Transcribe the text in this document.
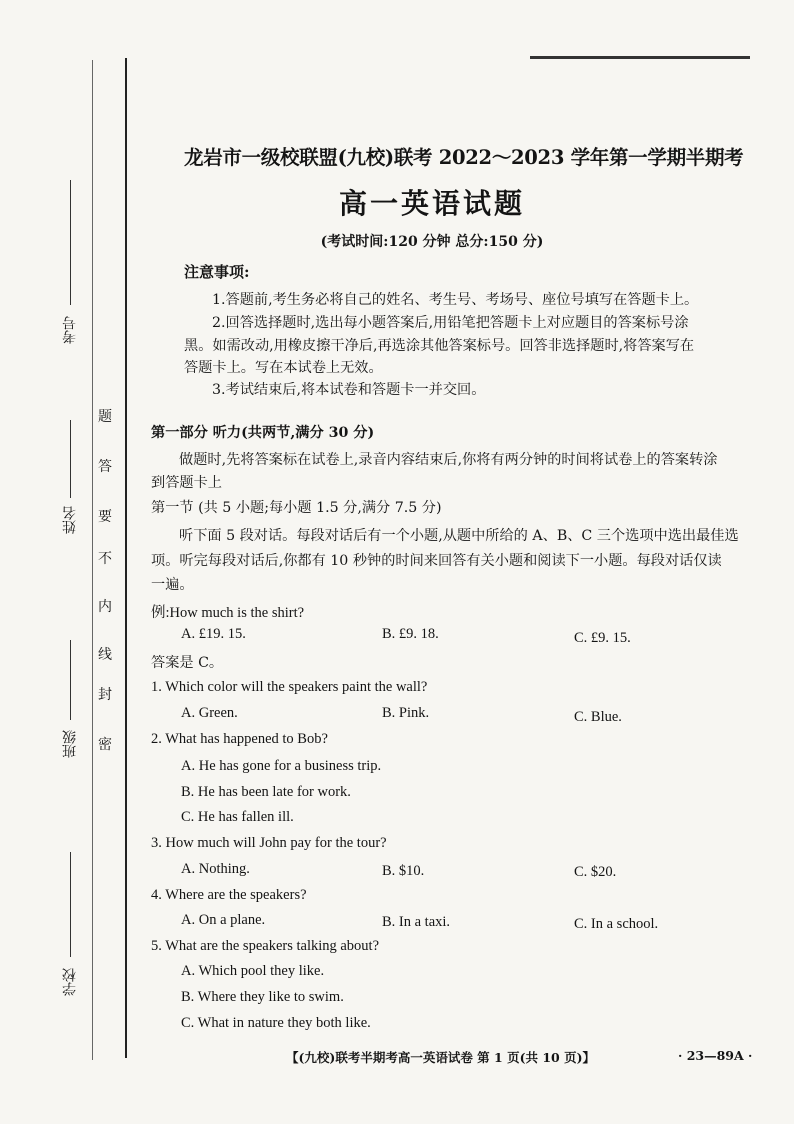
考号
姓名
班级
学校
密
封
线
内
不
要
答
题
龙岩市一级校联盟(九校)联考 2022～2023 学年第一学期半期考
高一英语试题
(考试时间:120 分钟 总分:150 分)
注意事项:
1.答题前,考生务必将自己的姓名、考生号、考场号、座位号填写在答题卡上。
2.回答选择题时,选出每小题答案后,用铅笔把答题卡上对应题目的答案标号涂
黑。如需改动,用橡皮擦干净后,再选涂其他答案标号。回答非选择题时,将答案写在
答题卡上。写在本试卷上无效。
3.考试结束后,将本试卷和答题卡一并交回。
第一部分 听力(共两节,满分 30 分)
做题时,先将答案标在试卷上,录音内容结束后,你将有两分钟的时间将试卷上的答案转涂
到答题卡上
第一节 (共 5 小题;每小题 1.5 分,满分 7.5 分)
听下面 5 段对话。每段对话后有一个小题,从题中所给的 A、B、C 三个选项中选出最佳选
项。听完每段对话后,你都有 10 秒钟的时间来回答有关小题和阅读下一小题。每段对话仅读
一遍。
例:How much is the shirt?
A. £19. 15.	B. £9. 18.	C. £9. 15.
答案是 C。
1. Which color will the speakers paint the wall?
A. Green.	B. Pink.	C. Blue.
2. What has happened to Bob?
A. He has gone for a business trip.
B. He has been late for work.
C. He has fallen ill.
3. How much will John pay for the tour?
A. Nothing.	B. $10.	C. $20.
4. Where are the speakers?
A. On a plane.	B. In a taxi.	C. In a school.
5. What are the speakers talking about?
A. Which pool they like.
B. Where they like to swim.
C. What in nature they both like.
【(九校)联考半期考高一英语试卷 第 1 页(共 10 页)】	· 23—89A ·
